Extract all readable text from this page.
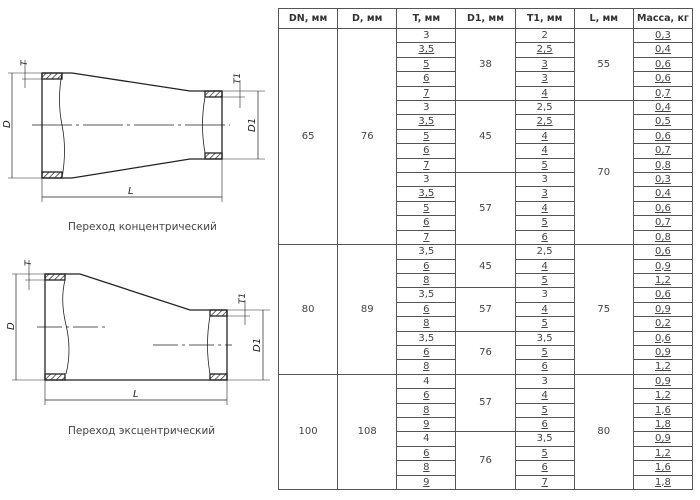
D
T
T1
D1
L
D
T
T1
D1
L
Переход концентрический
Переход эксцентрический
DN, мм	D, мм	T, мм	D1, мм	T1, мм	L, мм	Масса, кг
65	76	3	38	2	55	0,3
		3,5		2,5		0,4
		5		3		0,6
		6		3		0,6
		7		4		0,7
		3	45	2,5	70	0,4
		3,5		2,5		0,5
		5		4		0,6
		6		4		0,7
		7		5		0,8
		3	57	3		0,3
		3,5		3		0,4
		5		4		0,6
		6		5		0,7
		7		6		0,8
80	89	3,5	45	2,5	75	0,6
		6		4		0,9
		8		5		1,2
		3,5	57	3		0,6
		6		4		0,9
		8		5		0,2
		3,5	76	3,5		0,6
		6		5		0,9
		8		6		1,2
100	108	4	57	3	80	0,9
		6		4		1,2
		8		5		1,6
		9		6		1,8
		4	76	3,5		0,9
		6		5		1,2
		8		6		1,6
		9		7		1,8
